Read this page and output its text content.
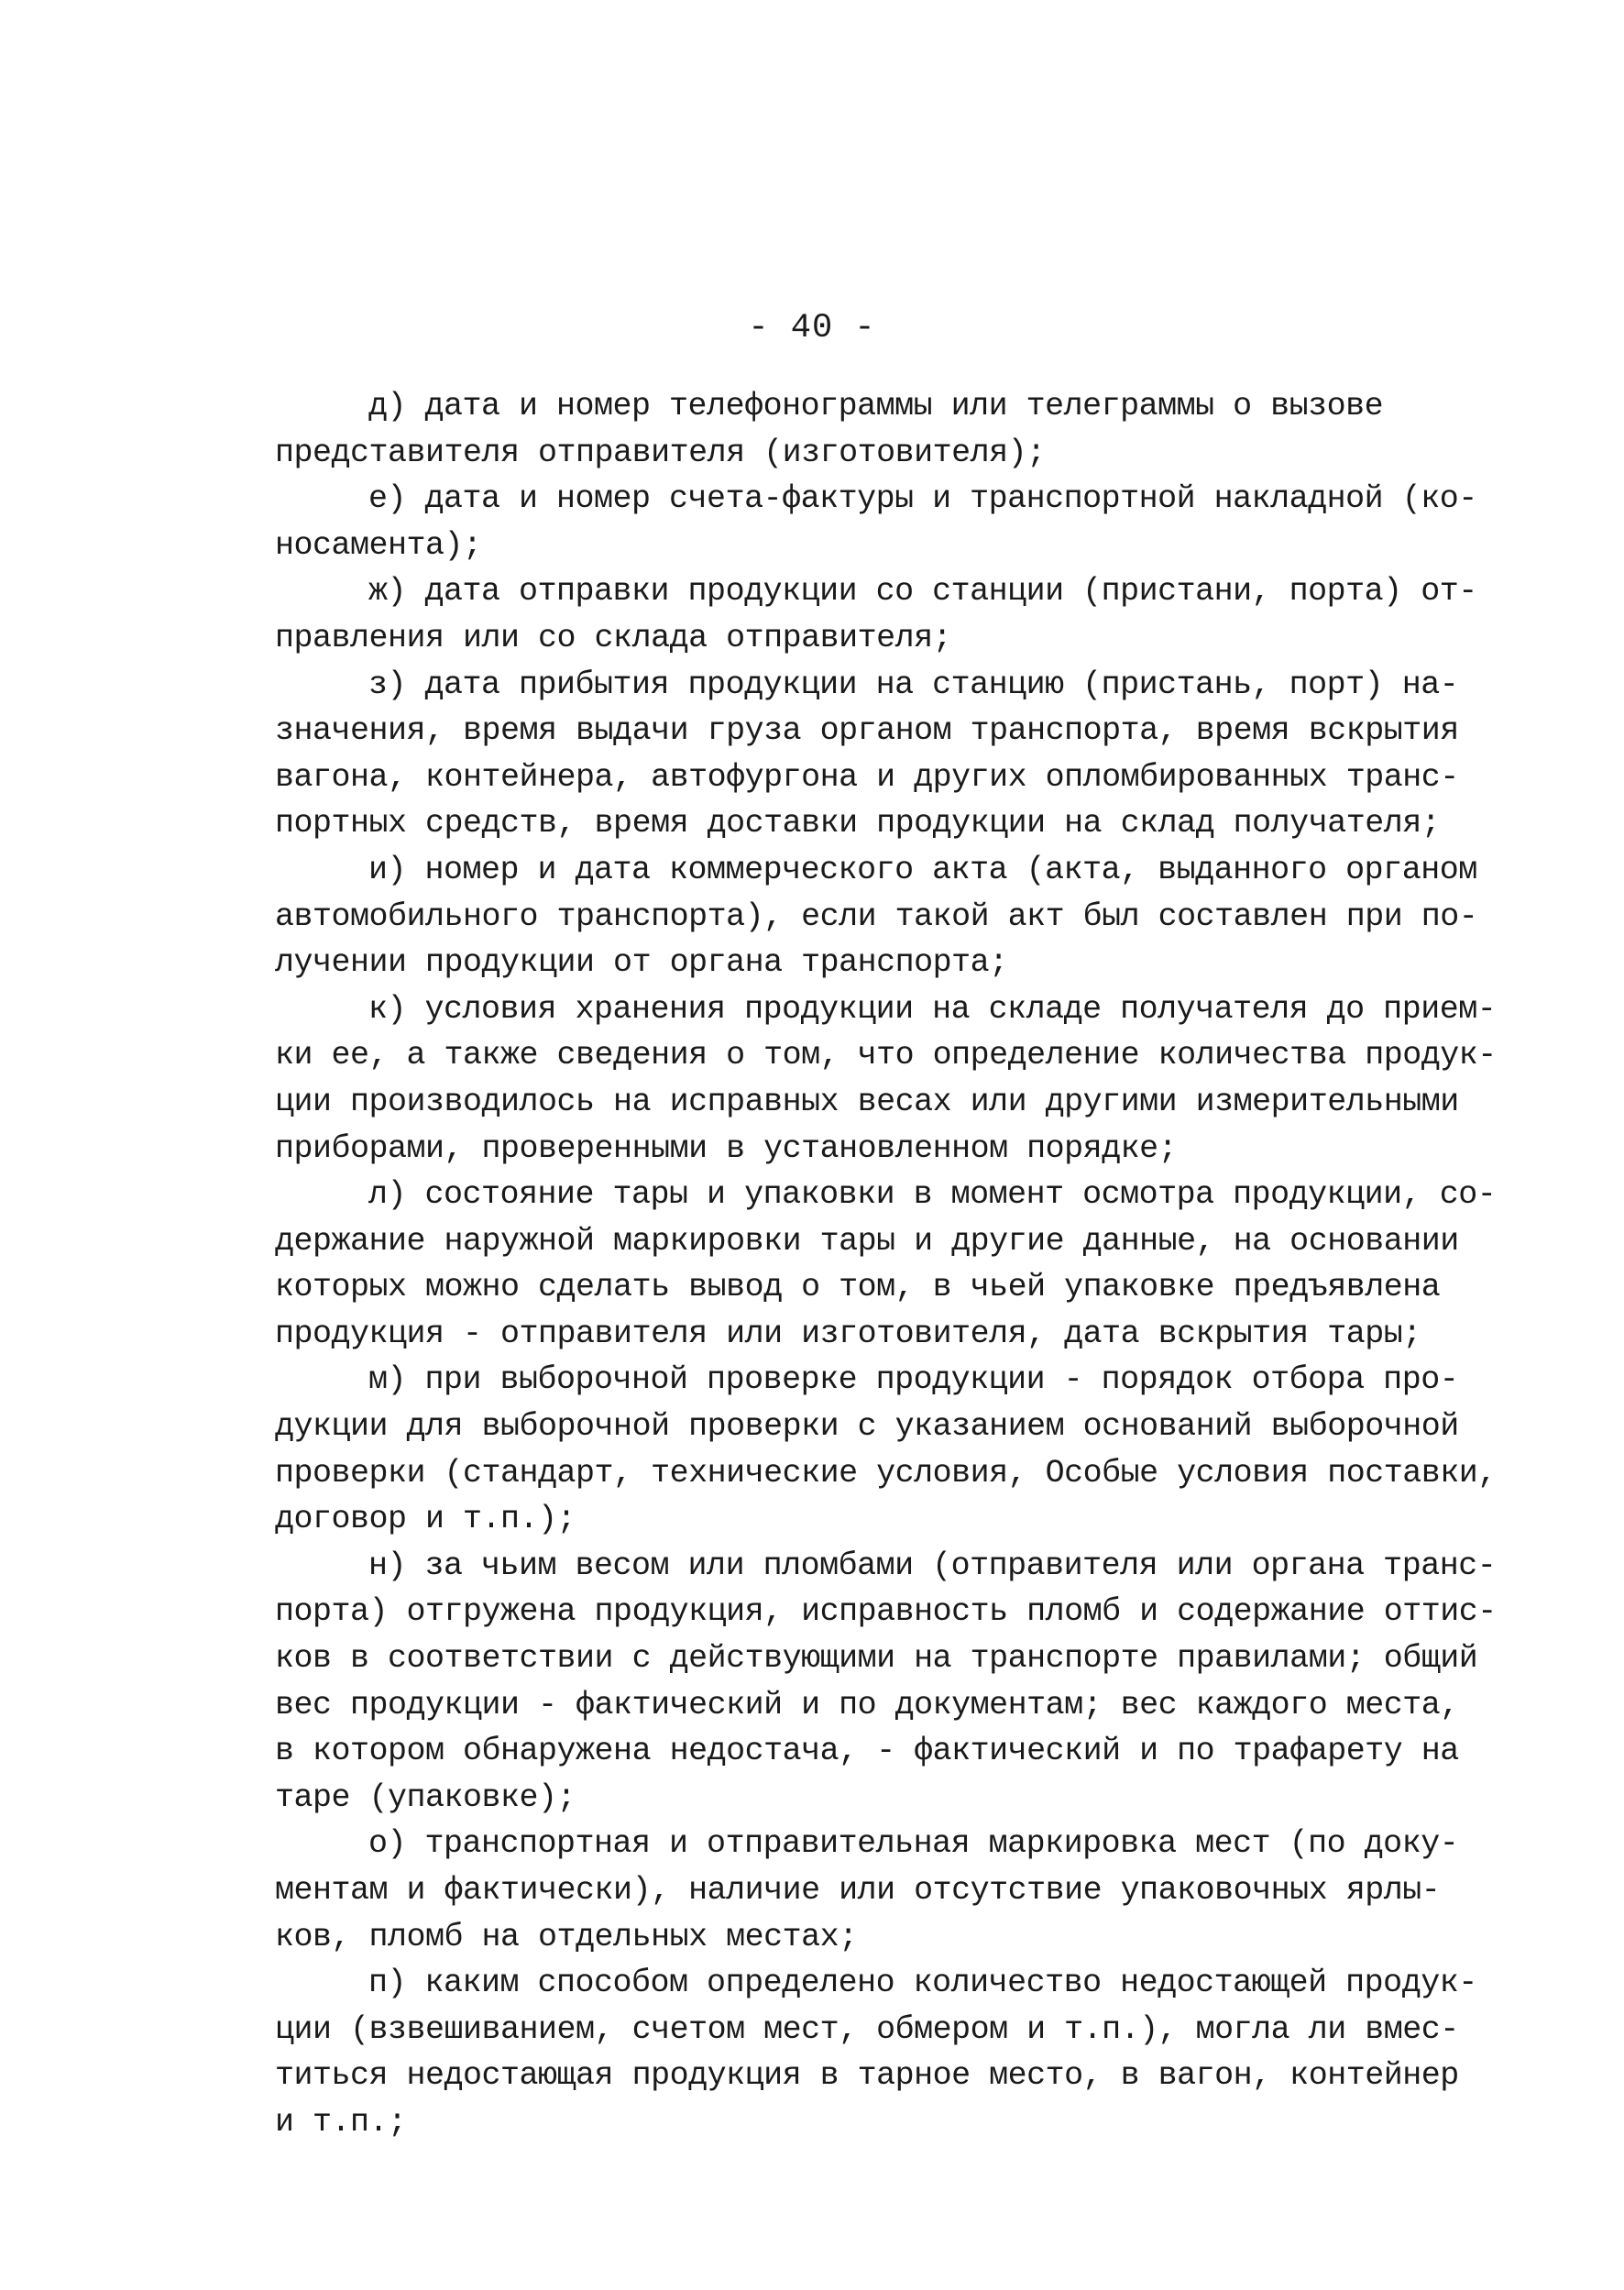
- 40 -
д) дата и номер телефонограммы или телеграммы о вызове
представителя отправителя (изготовителя);
е) дата и номер счета-фактуры и транспортной накладной (ко-
носамента);
ж) дата отправки продукции со станции (пристани, порта) от-
правления или со склада отправителя;
з) дата прибытия продукции на станцию (пристань, порт) на-
значения, время выдачи груза органом транспорта, время вскрытия
вагона, контейнера, автофургона и других опломбированных транс-
портных средств, время доставки продукции на склад получателя;
и) номер и дата коммерческого акта (акта, выданного органом
автомобильного транспорта), если такой акт был составлен при по-
лучении продукции от органа транспорта;
к) условия хранения продукции на складе получателя до прием-
ки ее, а также сведения о том, что определение количества продук-
ции производилось на исправных весах или другими измерительными
приборами, проверенными в установленном порядке;
л) состояние тары и упаковки в момент осмотра продукции, со-
держание наружной маркировки тары и другие данные, на основании
которых можно сделать вывод о том, в чьей упаковке предъявлена
продукция - отправителя или изготовителя, дата вскрытия тары;
м) при выборочной проверке продукции - порядок отбора про-
дукции для выборочной проверки с указанием оснований выборочной
проверки (стандарт, технические условия, Особые условия поставки,
договор и т.п.);
н) за чьим весом или пломбами (отправителя или органа транс-
порта) отгружена продукция, исправность пломб и содержание оттис-
ков в соответствии с действующими на транспорте правилами; общий
вес продукции - фактический и по документам; вес каждого места,
в котором обнаружена недостача, - фактический и по трафарету на
таре (упаковке);
о) транспортная и отправительная маркировка мест (по доку-
ментам и фактически), наличие или отсутствие упаковочных ярлы-
ков, пломб на отдельных местах;
п) каким способом определено количество недостающей продук-
ции (взвешиванием, счетом мест, обмером и т.п.), могла ли вмес-
титься недостающая продукция в тарное место, в вагон, контейнер
и т.п.;
